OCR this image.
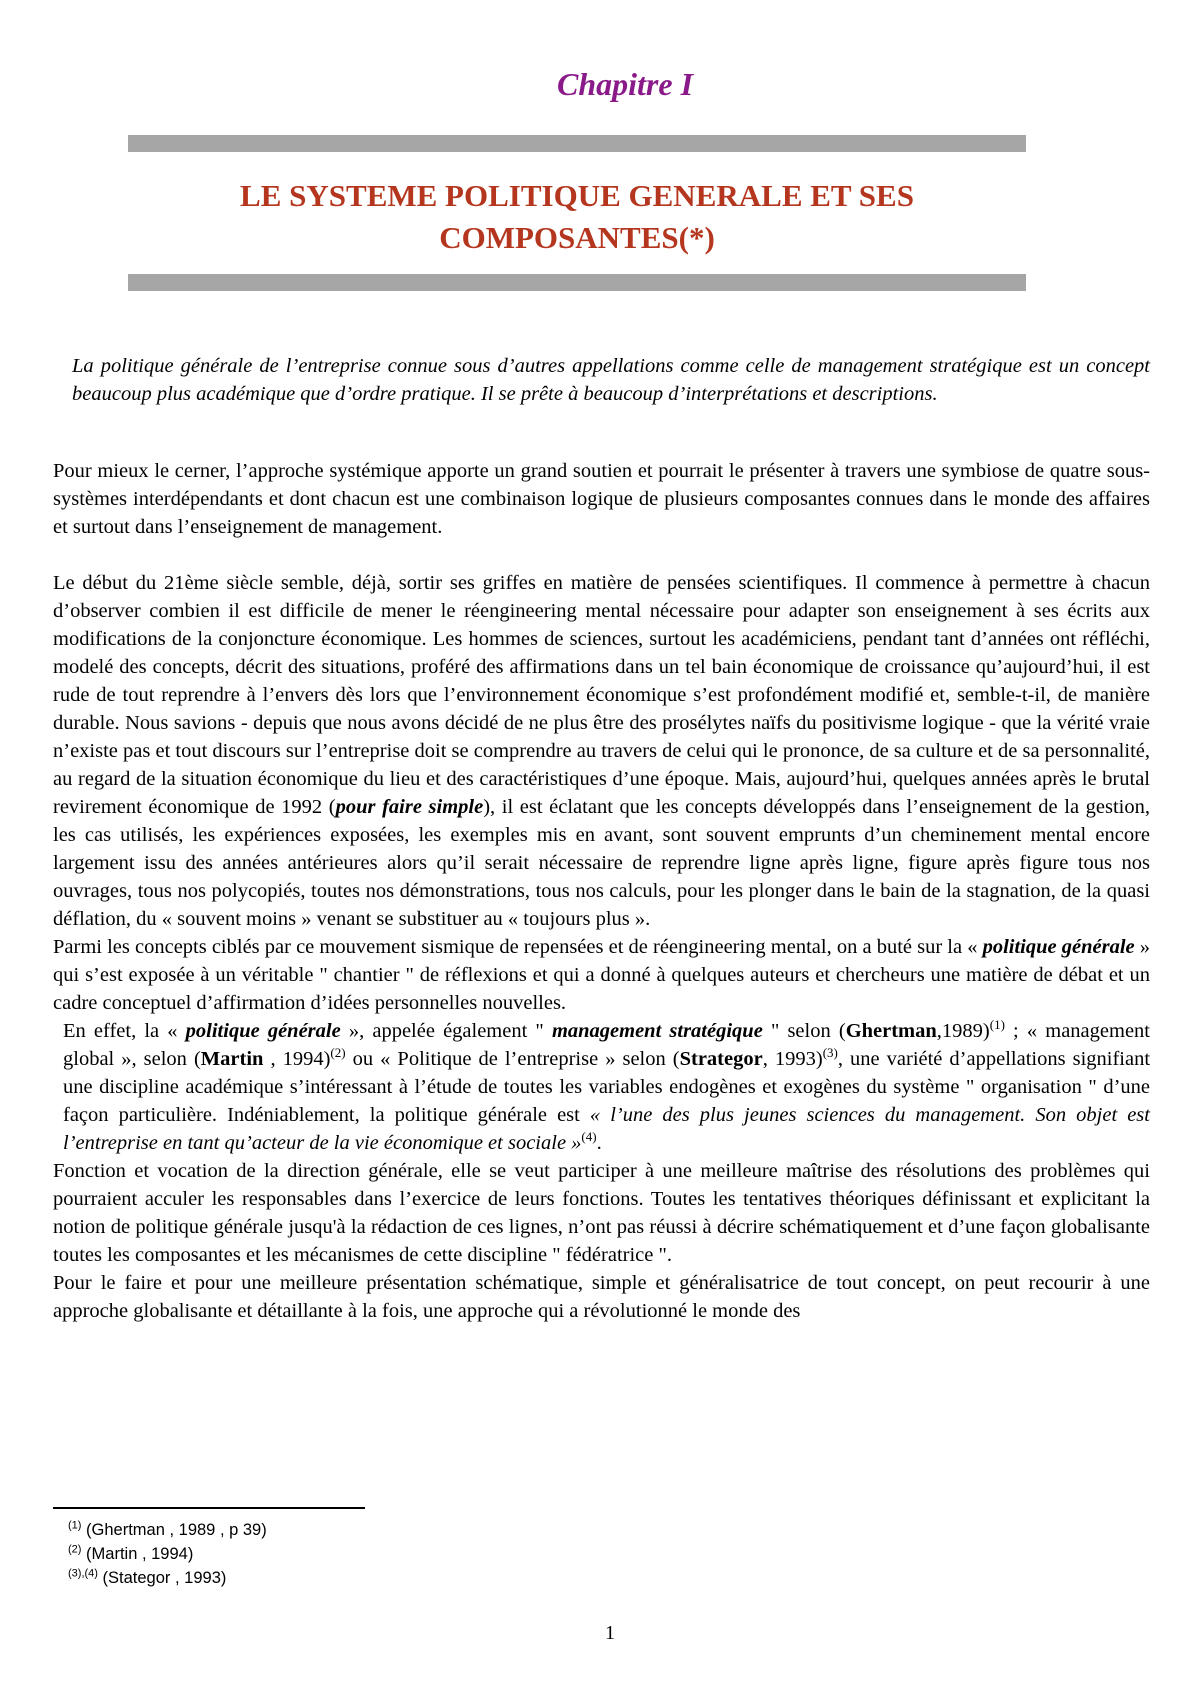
Chapitre I
LE SYSTEME POLITIQUE GENERALE ET SES
COMPOSANTES(*)

La politique générale de l’entreprise connue sous d’autres appellations comme celle de management stratégique est un concept beaucoup plus académique que d’ordre pratique. Il se prête à beaucoup d’interprétations et descriptions.

Pour mieux le cerner, l’approche systémique apporte un grand soutien et pourrait le présenter à travers une symbiose de quatre sous-systèmes interdépendants et dont chacun est une combinaison logique de plusieurs composantes connues dans le monde des affaires et surtout dans l’enseignement de management.

Le début du 21ème siècle semble, déjà, sortir ses griffes en matière de pensées scientifiques. Il commence à permettre à chacun d’observer combien il est difficile de mener le réengineering mental nécessaire pour adapter son enseignement à ses écrits aux modifications de la conjoncture économique. Les hommes de sciences, surtout les académiciens, pendant tant d’années ont réfléchi, modelé des concepts, décrit des situations, proféré des affirmations dans un tel bain économique de croissance qu’aujourd’hui, il est rude de tout reprendre à l’envers dès lors que l’environnement économique s’est profondément modifié et, semble-t-il, de manière durable. Nous savions - depuis que nous avons décidé de ne plus être des prosélytes naïfs du positivisme logique - que la vérité vraie n’existe pas et tout discours sur l’entreprise doit se comprendre au travers de celui qui le prononce, de sa culture et de sa personnalité, au regard de la situation économique du lieu et des caractéristiques d’une époque. Mais, aujourd’hui, quelques années après le brutal revirement économique de 1992 (pour faire simple), il est éclatant que les concepts développés dans l’enseignement de la gestion, les cas utilisés, les expériences exposées, les exemples mis en avant, sont souvent emprunts d’un cheminement mental encore largement issu des années antérieures alors qu’il serait nécessaire de reprendre ligne après ligne, figure après figure tous nos ouvrages, tous nos polycopiés, toutes nos démonstrations, tous nos calculs, pour les plonger dans le bain de la stagnation, de la quasi déflation, du « souvent moins » venant se substituer au « toujours plus ».

Parmi les concepts ciblés par ce mouvement sismique de repensées et de réengineering mental, on a buté sur la « politique générale » qui s’est exposée à un véritable " chantier " de réflexions et qui a donné à quelques auteurs et chercheurs une matière de débat et un cadre conceptuel d’affirmation d’idées personnelles nouvelles.

En effet, la « politique générale », appelée également " management stratégique " selon (Ghertman,1989)$^{(1)}$ ; « management global », selon (Martin , 1994)$^{(2)}$ ou « Politique de l’entreprise » selon (Strategor, 1993)$^{(3)}$, une variété d’appellations signifiant une discipline académique s’intéressant à l’étude de toutes les variables endogènes et exogènes du système " organisation " d’une façon particulière. Indéniablement, la politique générale est « l’une des plus jeunes sciences du management. Son objet est l’entreprise en tant qu’acteur de la vie économique et sociale »$^{(4)}$.

Fonction et vocation de la direction générale, elle se veut participer à une meilleure maîtrise des résolutions des problèmes qui pourraient acculer les responsables dans l’exercice de leurs fonctions. Toutes les tentatives théoriques définissant et explicitant la notion de politique générale jusqu'à la rédaction de ces lignes, n’ont pas réussi à décrire schématiquement et d’une façon globalisante toutes les composantes et les mécanismes de cette discipline " fédératrice ".

Pour le faire et pour une meilleure présentation schématique, simple et généralisatrice de tout concept, on peut recourir à une approche globalisante et détaillante à la fois, une approche qui a révolutionné le monde des

$^{(1)}$ (Ghertman , 1989 , p 39)
$^{(2)}$ (Martin , 1994)
$^{(3),(4)}$ (Stategor , 1993)
1
